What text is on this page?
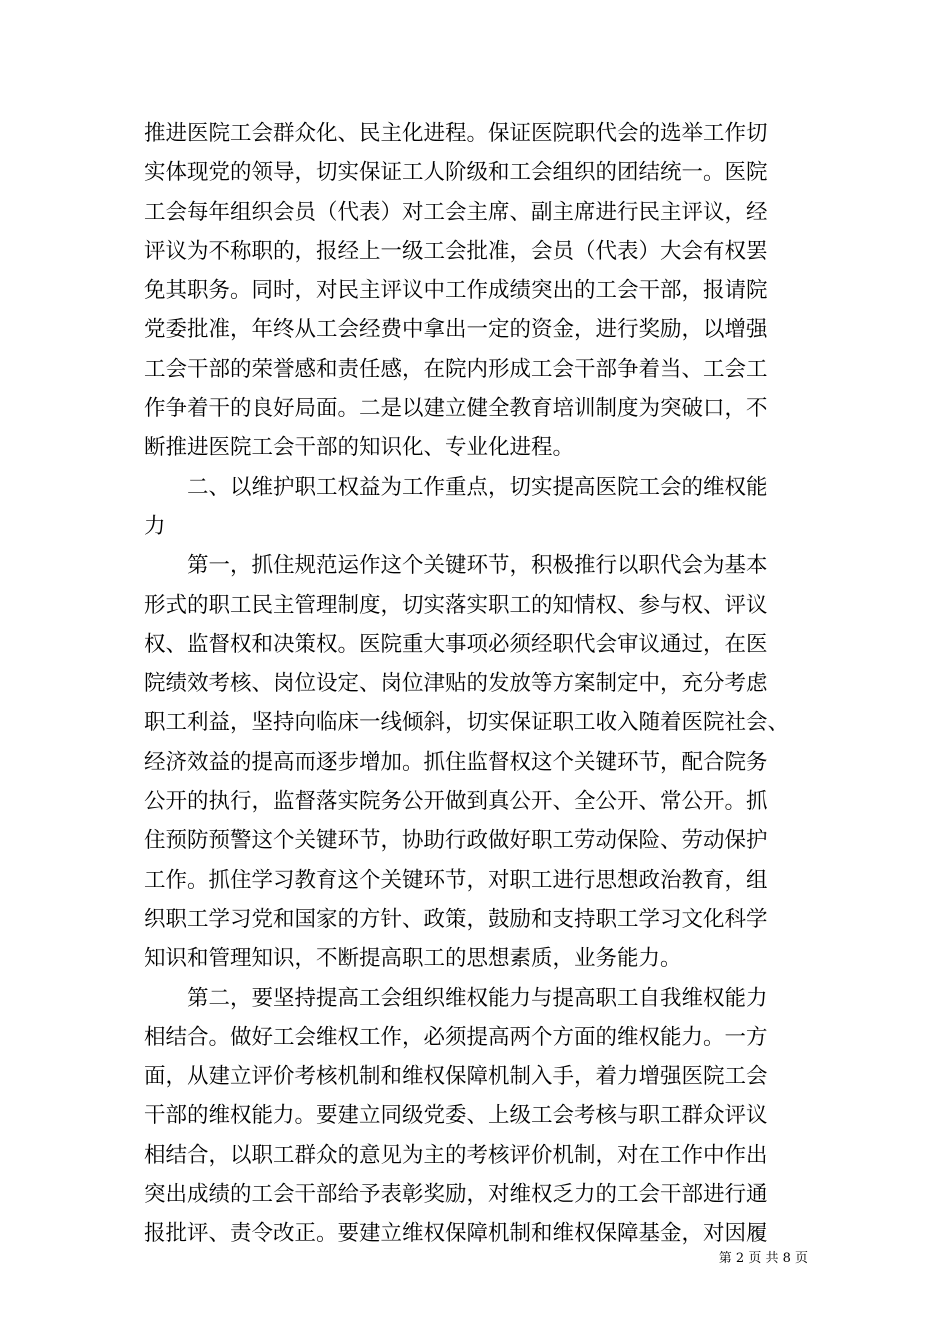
推进医院工会群众化、民主化进程。保证医院职代会的选举工作切
实体现党的领导，切实保证工人阶级和工会组织的团结统一。医院
工会每年组织会员（代表）对工会主席、副主席进行民主评议，经
评议为不称职的，报经上一级工会批准，会员（代表）大会有权罢
免其职务。同时，对民主评议中工作成绩突出的工会干部，报请院
党委批准，年终从工会经费中拿出一定的资金，进行奖励，以增强
工会干部的荣誉感和责任感，在院内形成工会干部争着当、工会工
作争着干的良好局面。二是以建立健全教育培训制度为突破口，不
断推进医院工会干部的知识化、专业化进程。
　　二、以维护职工权益为工作重点，切实提高医院工会的维权能
力
　　第一，抓住规范运作这个关键环节，积极推行以职代会为基本
形式的职工民主管理制度，切实落实职工的知情权、参与权、评议
权、监督权和决策权。医院重大事项必须经职代会审议通过，在医
院绩效考核、岗位设定、岗位津贴的发放等方案制定中，充分考虑
职工利益，坚持向临床一线倾斜，切实保证职工收入随着医院社会、
经济效益的提高而逐步增加。抓住监督权这个关键环节，配合院务
公开的执行，监督落实院务公开做到真公开、全公开、常公开。抓
住预防预警这个关键环节，协助行政做好职工劳动保险、劳动保护
工作。抓住学习教育这个关键环节，对职工进行思想政治教育，组
织职工学习党和国家的方针、政策，鼓励和支持职工学习文化科学
知识和管理知识，不断提高职工的思想素质，业务能力。
　　第二，要坚持提高工会组织维权能力与提高职工自我维权能力
相结合。做好工会维权工作，必须提高两个方面的维权能力。一方
面，从建立评价考核机制和维权保障机制入手，着力增强医院工会
干部的维权能力。要建立同级党委、上级工会考核与职工群众评议
相结合，以职工群众的意见为主的考核评价机制，对在工作中作出
突出成绩的工会干部给予表彰奖励，对维权乏力的工会干部进行通
报批评、责令改正。要建立维权保障机制和维权保障基金，对因履
第 2 页 共 8 页
